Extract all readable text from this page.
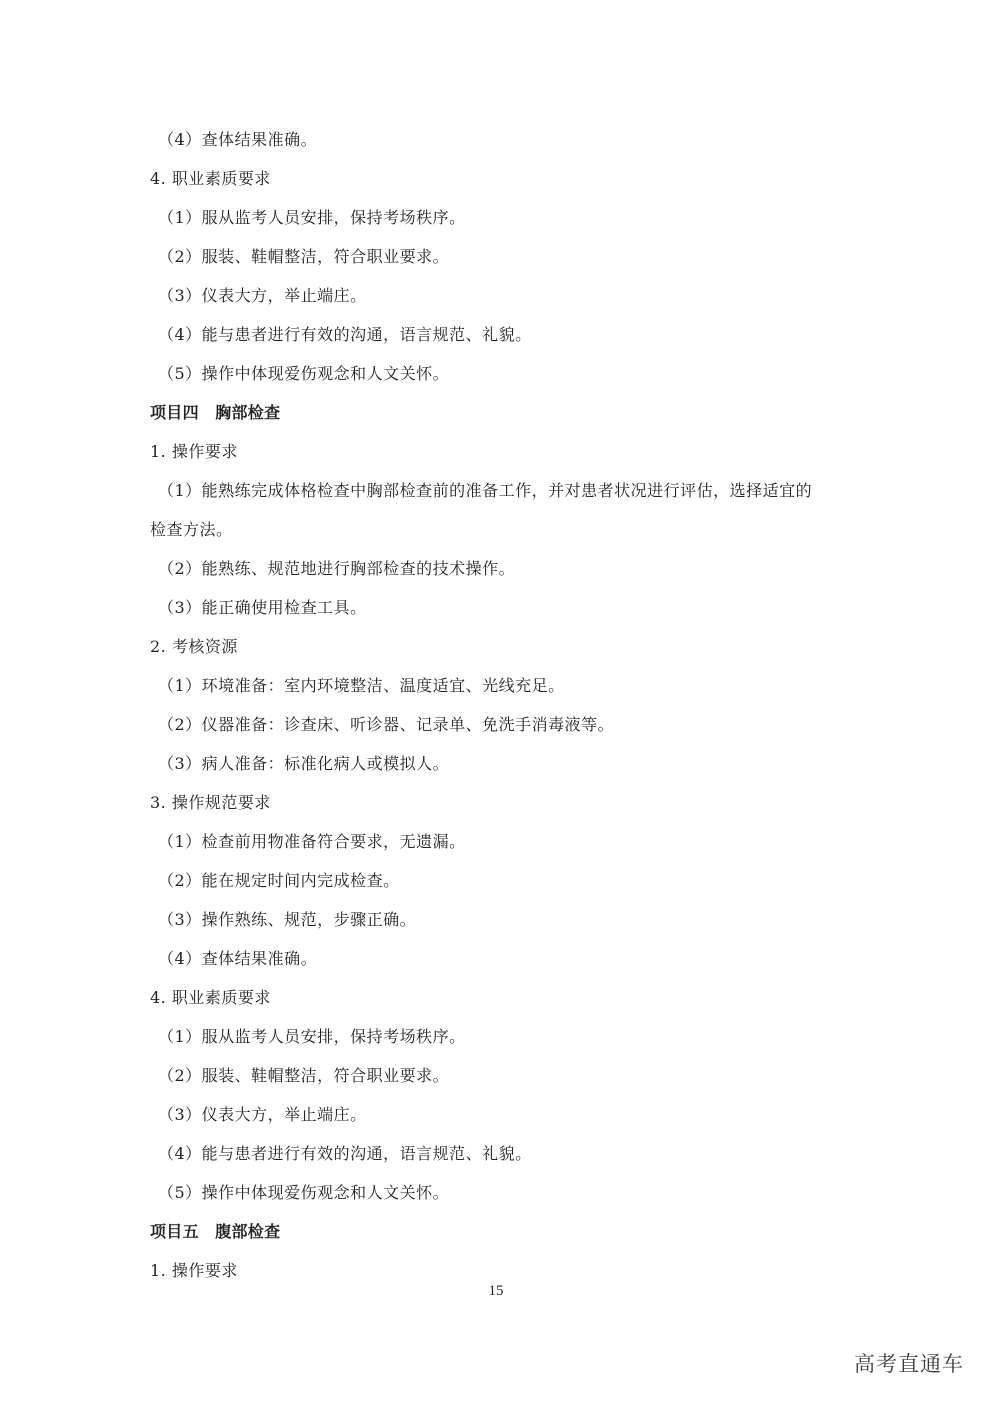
（4）查体结果准确。
4. 职业素质要求
（1）服从监考人员安排，保持考场秩序。
（2）服装、鞋帽整洁，符合职业要求。
（3）仪表大方，举止端庄。
（4）能与患者进行有效的沟通，语言规范、礼貌。
（5）操作中体现爱伤观念和人文关怀。
项目四　胸部检查
1. 操作要求
（1）能熟练完成体格检查中胸部检查前的准备工作，并对患者状况进行评估，选择适宜的
检查方法。
（2）能熟练、规范地进行胸部检查的技术操作。
（3）能正确使用检查工具。
2. 考核资源
（1）环境准备：室内环境整洁、温度适宜、光线充足。
（2）仪器准备：诊查床、听诊器、记录单、免洗手消毒液等。
（3）病人准备：标准化病人或模拟人。
3. 操作规范要求
（1）检查前用物准备符合要求，无遗漏。
（2）能在规定时间内完成检查。
（3）操作熟练、规范，步骤正确。
（4）查体结果准确。
4. 职业素质要求
（1）服从监考人员安排，保持考场秩序。
（2）服装、鞋帽整洁，符合职业要求。
（3）仪表大方，举止端庄。
（4）能与患者进行有效的沟通，语言规范、礼貌。
（5）操作中体现爱伤观念和人文关怀。
项目五　腹部检查
1. 操作要求
15
高考直通车
